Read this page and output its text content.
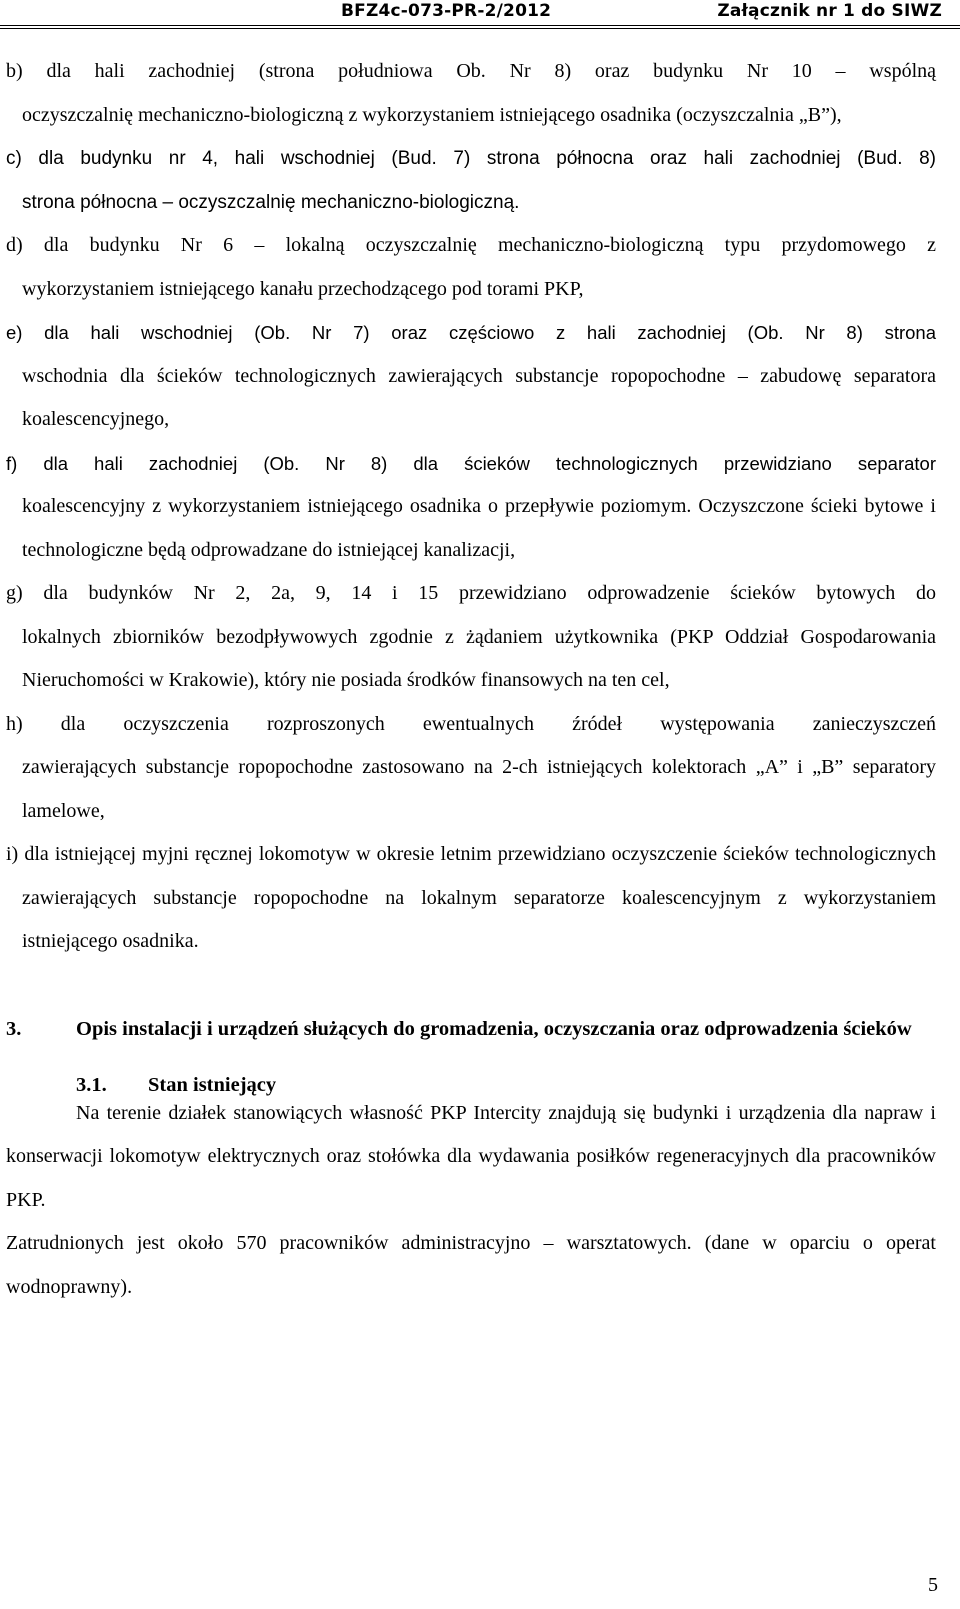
BFZ4c-073-PR-2/2012	Załącznik nr 1 do SIWZ

b) dla hali zachodniej (strona południowa Ob. Nr 8) oraz budynku Nr 10 – wspólną

oczyszczalnię mechaniczno-biologiczną z wykorzystaniem istniejącego osadnika (oczyszczalnia „B”),

c) dla budynku nr 4, hali wschodniej (Bud. 7) strona północna oraz hali zachodniej (Bud. 8)

strona północna – oczyszczalnię mechaniczno-biologiczną.

d) dla budynku Nr 6 – lokalną oczyszczalnię mechaniczno-biologiczną typu przydomowego z

wykorzystaniem istniejącego kanału przechodzącego pod torami PKP,

e) dla hali wschodniej (Ob. Nr 7) oraz częściowo z hali zachodniej (Ob. Nr 8) strona

wschodnia dla ścieków technologicznych zawierających substancje ropopochodne – zabudowę separatora koalescencyjnego,

f) dla hali zachodniej (Ob. Nr 8) dla ścieków technologicznych przewidziano separator

koalescencyjny z wykorzystaniem istniejącego osadnika o przepływie poziomym. Oczyszczone ścieki bytowe i technologiczne będą odprowadzane do istniejącej kanalizacji,

g) dla budynków Nr 2, 2a, 9, 14 i 15 przewidziano odprowadzenie ścieków bytowych do

lokalnych zbiorników bezodpływowych zgodnie z żądaniem użytkownika (PKP Oddział Gospodarowania Nieruchomości w Krakowie), który nie posiada środków finansowych na ten cel,

h) dla oczyszczenia rozproszonych ewentualnych źródeł występowania zanieczyszczeń

zawierających substancje ropopochodne zastosowano na 2-ch istniejących kolektorach „A” i „B” separatory lamelowe,

i) dla istniejącej myjni ręcznej lokomotyw w okresie letnim przewidziano oczyszczenie ścieków technologicznych zawierających substancje ropopochodne na lokalnym separatorze koalescencyjnym z wykorzystaniem istniejącego osadnika.

3.	Opis instalacji i urządzeń służących do gromadzenia, oczyszczania oraz odprowadzenia ścieków
3.1. Stan istniejący

Na terenie działek stanowiących własność PKP Intercity znajdują się budynki i urządzenia dla napraw i konserwacji lokomotyw elektrycznych oraz stołówka dla wydawania posiłków regeneracyjnych dla pracowników PKP.

Zatrudnionych jest około 570 pracowników administracyjno – warsztatowych. (dane w oparciu o operat wodnoprawny).

5
